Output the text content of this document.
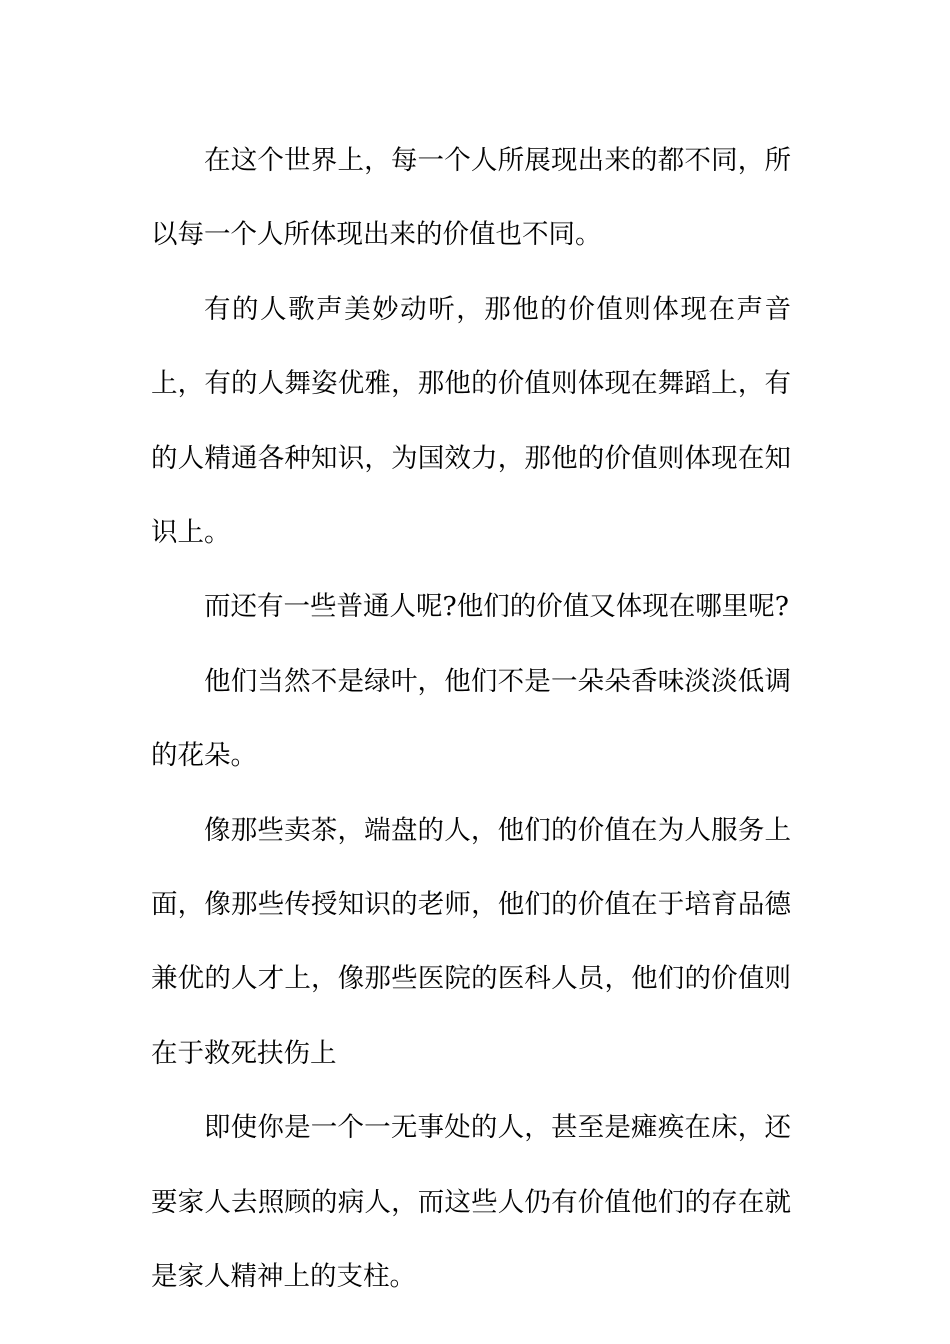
在这个世界上，每一个人所展现出来的都不同，所以每一个人所体现出来的价值也不同。

有的人歌声美妙动听，那他的价值则体现在声音上，有的人舞姿优雅，那他的价值则体现在舞蹈上，有的人精通各种知识，为国效力，那他的价值则体现在知识上。

而还有一些普通人呢?他们的价值又体现在哪里呢?

他们当然不是绿叶，他们不是一朵朵香味淡淡低调的花朵。

像那些卖茶，端盘的人，他们的价值在为人服务上面，像那些传授知识的老师，他们的价值在于培育品德兼优的人才上，像那些医院的医科人员，他们的价值则在于救死扶伤上

即使你是一个一无事处的人，甚至是瘫痪在床，还要家人去照顾的病人，而这些人仍有价值他们的存在就是家人精神上的支柱。
